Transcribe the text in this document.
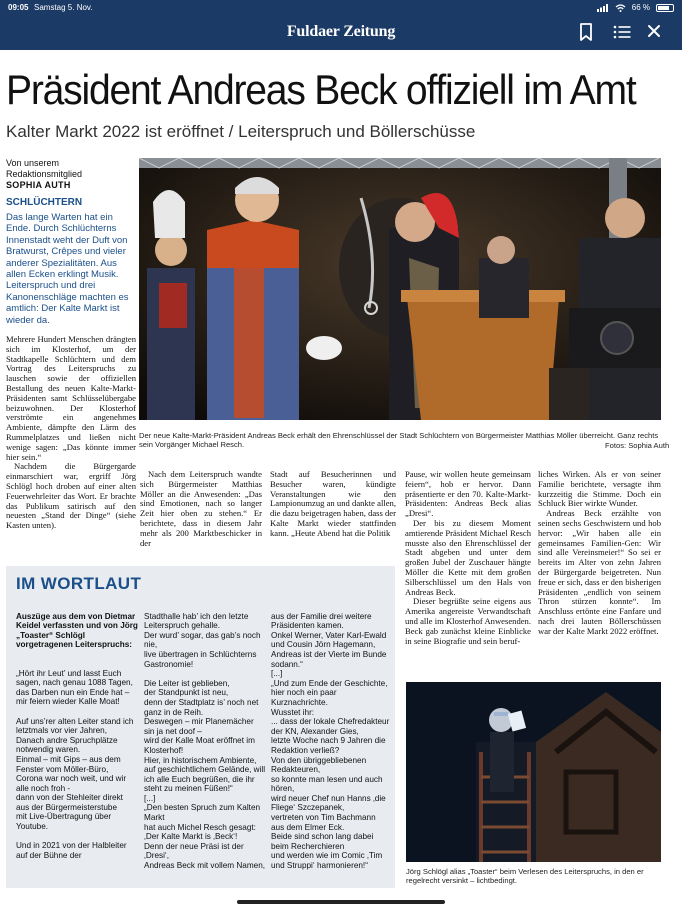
09:05 Samstag 5. Nov.	66 %
Fuldaer Zeitung
Präsident Andreas Beck offiziell im Amt
Kalter Markt 2022 ist eröffnet / Leiterspruch und Böllerschüsse
Von unserem
Redaktionsmitglied
SOPHIA AUTH
SCHLÜCHTERN
Das lange Warten hat ein Ende. Durch Schlüchterns Innenstadt weht der Duft von Bratwurst, Crêpes und vieler anderer Spezialitäten. Aus allen Ecken erklingt Musik. Leiterspruch und drei Kanonenschläge machten es amtlich: Der Kalte Markt ist wieder da.

Mehrere Hundert Menschen drängten sich im Klosterhof, um der Stadtkapelle Schlüchtern und dem Vortrag des Leiterspruchs zu lauschen sowie der offiziellen Bestallung des neuen Kalte-Markt-Präsidenten samt Schlüsselübergabe beizuwohnen. Der Klosterhof verströmte ein angenehmes Ambiente, dämpfte den Lärm des Rummelplatzes und ließen nicht wenige sagen: „Das könnte immer hier sein.“

Nachdem die Bürgergarde einmarschiert war, ergriff Jörg Schlögl hoch droben auf einer alten Feuerwehrleiter das Wort. Er brachte das Publikum satirisch auf den neuesten „Stand der Dinge“ (siehe Kasten unten).

Der neue Kalte-Markt-Präsident Andreas Beck erhält den Ehrenschlüssel der Stadt Schlüchtern von Bürgermeister Matthias Möller überreicht. Ganz rechts sein Vorgänger Michael Resch.	Fotos: Sophia Auth

Nach dem Leiterspruch wandte sich Bürgermeister Matthias Möller an die Anwesenden: „Das sind Emotionen, nach so langer Zeit hier oben zu stehen.“ Er berichtete, dass in diesem Jahr mehr als 200 Marktbeschicker in der

Stadt auf Besucherinnen und Besucher waren, kündigte Veranstaltungen wie den Lampionumzug an und dankte allen, die dazu beigetragen haben, dass der Kalte Markt wieder stattfinden kann. „Heute Abend hat die Politik

Pause, wir wollen heute gemeinsam feiern“, hob er hervor. Dann präsentierte er den 70. Kalte-Markt-Präsidenten: Andreas Beck alias „Dresi“.

Der bis zu diesem Moment amtierende Präsident Michael Resch musste also den Ehrenschlüssel der Stadt abgeben und unter dem großen Jubel der Zuschauer hängte Möller die Kette mit dem großen Silberschlüssel um den Hals von Andreas Beck.

Dieser begrüßte seine eigens aus Amerika angereiste Verwandtschaft und alle im Klosterhof Anwesenden. Beck gab zunächst kleine Einblicke in seine Biografie und sein beruf-

liches Wirken. Als er von seiner Familie berichtete, versagte ihm kurzzeitig die Stimme. Doch ein Schluck Bier wirkte Wunder.

Andreas Beck erzählte von seinen sechs Geschwistern und hob hervor: „Wir haben alle ein gemeinsames Familien-Gen: Wir sind alle Vereinsmeier!“ So sei er bereits im Alter von zehn Jahren der Bürgergarde beigetreten. Nun freue er sich, dass er den bisherigen Präsidenten „endlich von seinem Thron stürzen konnte“. Im Anschluss ertönte eine Fanfare und nach drei lauten Böllerschüssen war der Kalte Markt 2022 eröffnet.

IM WORTLAUT

Auszüge aus dem von Dietmar Keidel verfassten und von Jörg „Toaster“ Schlögl vorgetragenen Leiterspruchs:

„Hört ihr Leut’ und lasst Euch sagen, nach genau 1088 Tagen, das Darben nun ein Ende hat – mir feiern wieder Kalle Moat!

Auf uns’rer alten Leiter stand ich letztmals vor vier Jahren,
Danach andre Spruchplätze notwendig waren.
Einmal – mit Gips – aus dem Fenster vom Möller-Büro,
Corona war noch weit, und wir alle noch froh -
dann von der Stehleiter direkt aus der Bürgermeisterstube
mit Live-Übertragung über Youtube.

Und in 2021 von der Halbleiter auf der Bühne der

Stadthalle hab’ ich den letzte Leiterspruch gehalle.
Der wurd’ sogar, das gab’s noch nie,
live übertragen in Schlüchterns Gastronomie!

Die Leiter ist geblieben,
der Standpunkt ist neu,
denn der Stadtplatz is’ noch net ganz in de Reih.
Deswegen – mir Planemächer sin ja net doof –
wird der Kalle Moat eröffnet im Klosterhof!
Hier, in historischem Ambiente, auf geschichtlichem Gelände, will ich alle Euch begrüßen, die ihr steht zu meinen Füßen!“
[...]
„Den besten Spruch zum Kalten Markt
hat auch Michel Resch gesagt:
‚Der Kalte Markt is ‚Beck‘!
Denn der neue Präsi ist der ‚Dresi‘,
Andreas Beck mit vollem Namen,

aus der Familie drei weitere Präsidenten kamen.
Onkel Werner, Vater Karl-Ewald und Cousin Jörn Hagemann,
Andreas ist der Vierte im Bunde sodann.“
[...]
„Und zum Ende der Geschichte, hier noch ein paar Kurznachrichte.
Wusstet ihr:
... dass der lokale Chefredakteur der KN, Alexander Gies,
letzte Woche nach 9 Jahren die Redaktion verließ?
Von den übriggebliebenen Redakteuren,
so konnte man lesen und auch hören,
wird neuer Chef nun Hanns ‚die Fliege‘ Szczepanek,
vertreten von Tim Bachmann aus dem Elmer Eck.
Beide sind schon lang dabei beim Recherchieren
und werden wie im Comic ‚Tim und Struppi‘ harmonieren!“

Jörg Schlögl alias „Toaster“ beim Verlesen des Leiterspruchs, in den er regelrecht versinkt – lichtbedingt.
